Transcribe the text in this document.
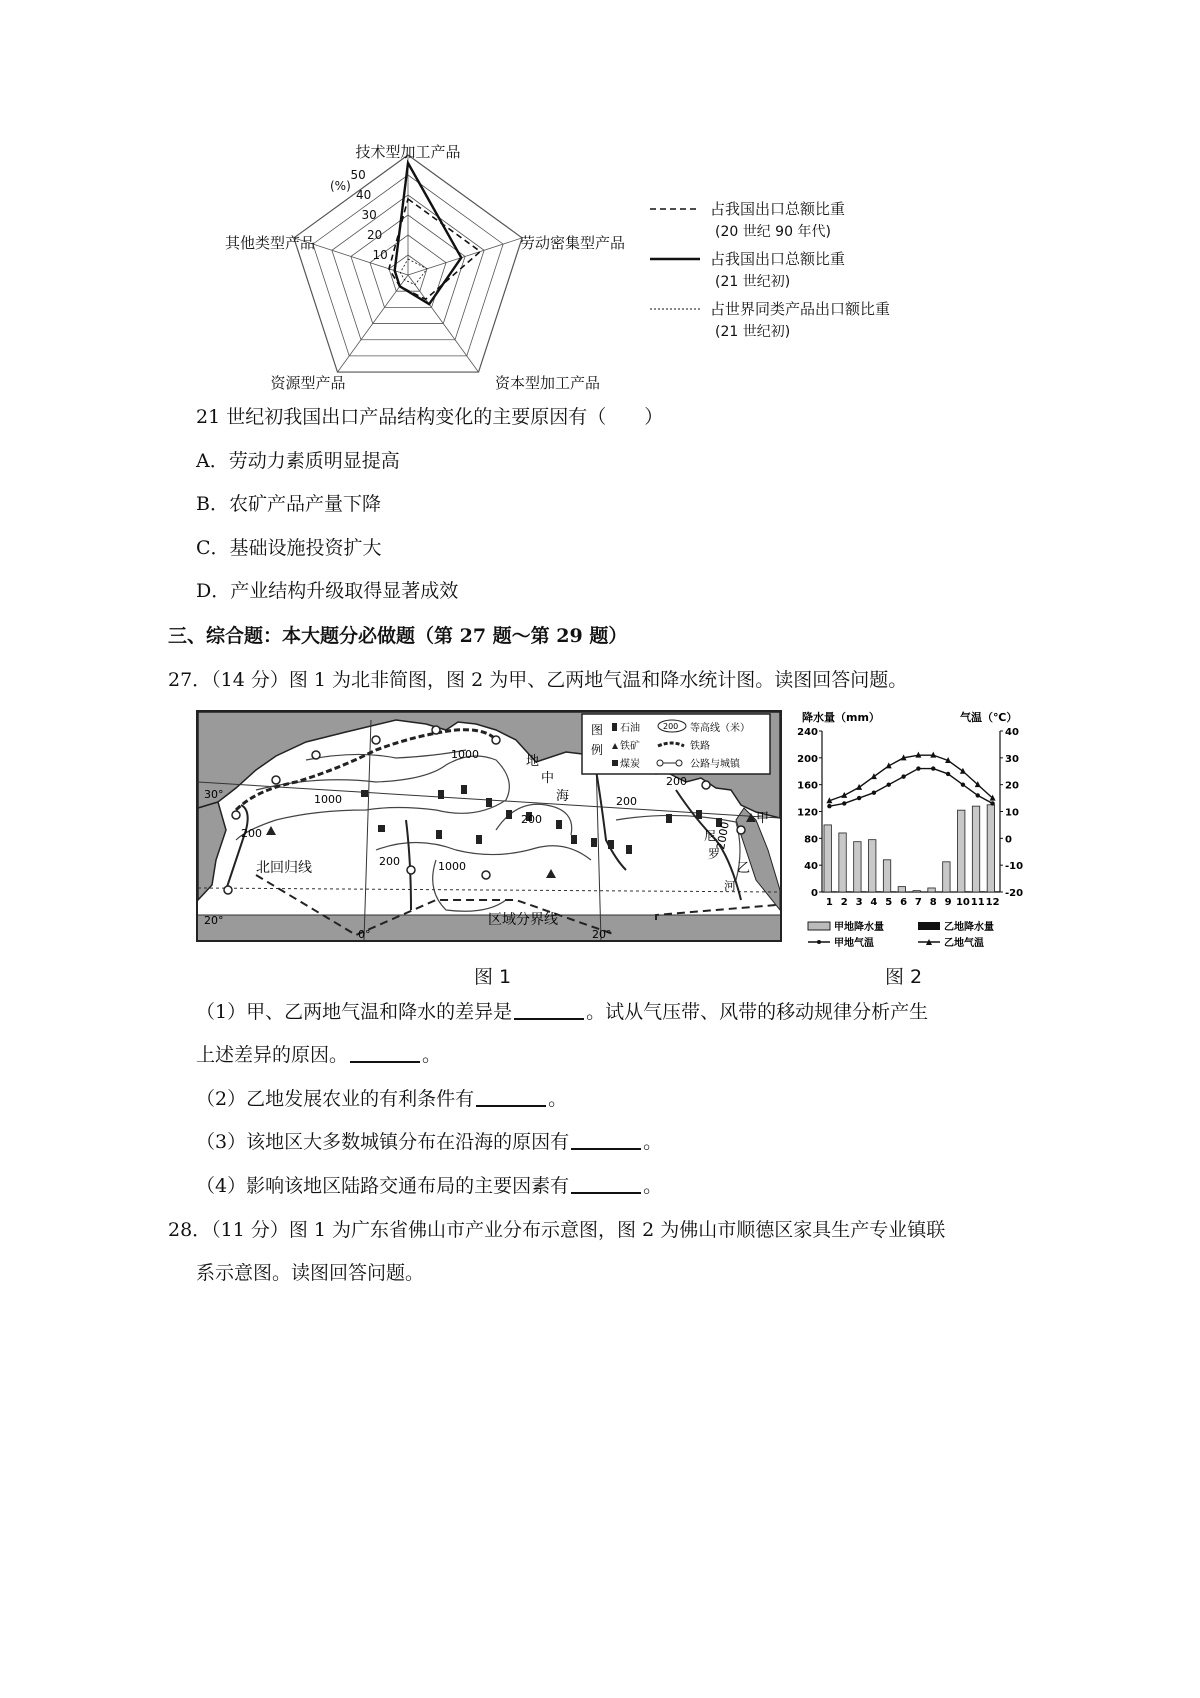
技术型加工产品
劳动密集型产品
资本型加工产品
资源型产品
其他类型产品
(%)
10
20
30
40
50
占我国出口总额比重
(20 世纪 90 年代)
占我国出口总额比重
(21 世纪初)
占世界同类产品出口额比重
(21 世纪初)
21 世纪初我国出口产品结构变化的主要原因有（　　）
A．劳动力素质明显提高
B．农矿产品产量下降
C．基础设施投资扩大
D．产业结构升级取得显著成效
三、综合题：本大题分必做题（第 27 题～第 29 题）
27．（14 分）图 1 为北非简图，图 2 为甲、乙两地气温和降水统计图。读图回答问题。
地
中
海
1000
1000
200
200
200
200	1000
200
2000
30°
20°
20°
0°
北回归线
区域分界线
甲
乙
尼
罗
河
图
例
石油	200 等高线（米）
铁矿	铁路
煤炭	公路与城镇
降水量（mm）	气温（℃）
0
40
80
120
160
200
240
-20
-10
0
10
20
30
40
1 2 3 4 5 6 7 8 9 10 11 12
甲地降水量	乙地降水量
甲地气温	乙地气温
图 1	图 2
（1）甲、乙两地气温和降水的差异是	。试从气压带、风带的移动规律分析产生
上述差异的原因。	。
（2）乙地发展农业的有利条件有	。
（3）该地区大多数城镇分布在沿海的原因有	。
（4）影响该地区陆路交通布局的主要因素有	。
28．（11 分）图 1 为广东省佛山市产业分布示意图，图 2 为佛山市顺德区家具生产专业镇联
系示意图。读图回答问题。
